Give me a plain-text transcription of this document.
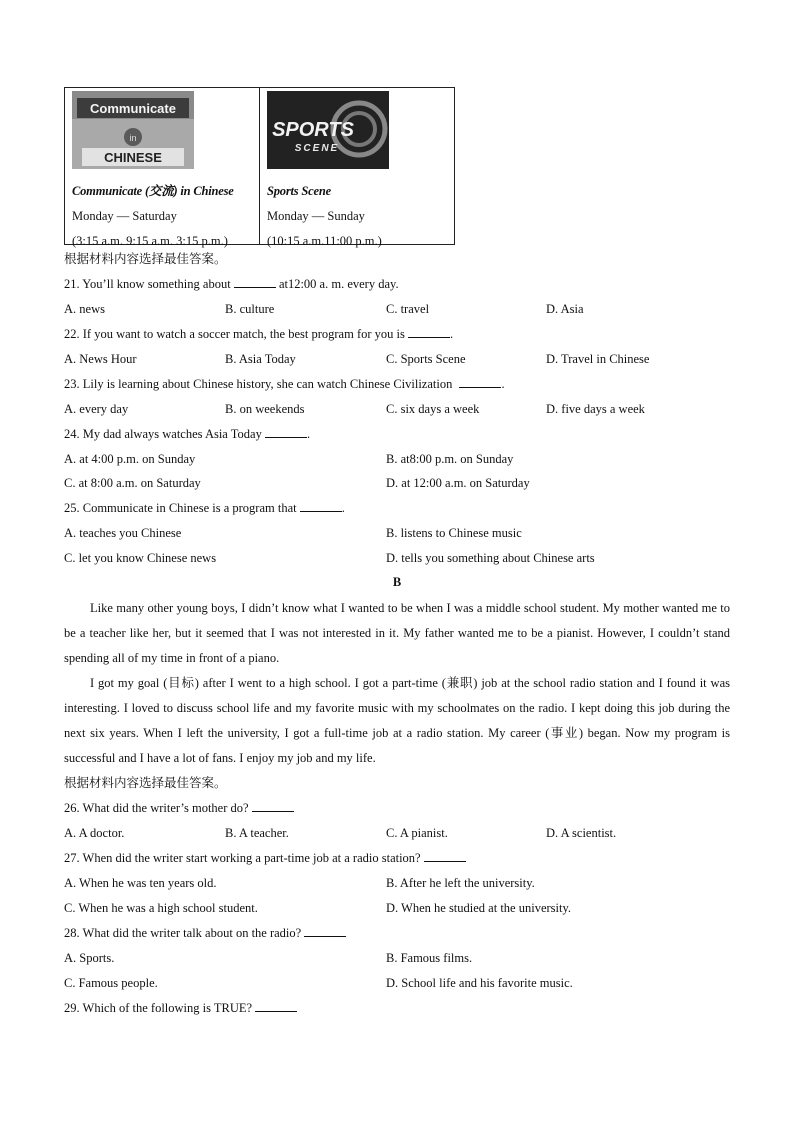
Communicate
in
CHINESE
Communicate (交流) in Chinese
Monday — Saturday
(3:15 a.m. 9:15 a.m. 3:15 p.m.)
SPORTS
SCENE
Sports Scene
Monday — Sunday
(10:15 a.m.11:00 p.m.)
根据材料内容选择最佳答案。
21. You’ll know something about	at12:00 a. m. every day.
A. news	B. culture	C. travel	D. Asia
22. If you want to watch a soccer match, the best program for you is	.
A. News Hour	B. Asia Today	C. Sports Scene	D. Travel in Chinese
23. Lily is learning about Chinese history, she can watch Chinese Civilization	.
A. every day	B. on weekends	C. six days a week	D. five days a week
24. My dad always watches Asia Today	.
A. at 4:00 p.m. on Sunday	B. at8:00 p.m. on Sunday
C. at 8:00 a.m. on Saturday	D. at 12:00 a.m. on Saturday
25. Communicate in Chinese is a program that	.
A. teaches you Chinese	B. listens to Chinese music
C. let you know Chinese news	D. tells you something about Chinese arts
B

Like many other young boys, I didn’t know what I wanted to be when I was a middle school student. My mother wanted me to be a teacher like her, but it seemed that I was not interested in it. My father wanted me to be a pianist. However, I couldn’t stand spending all of my time in front of a piano.

I got my goal (目标) after I went to a high school. I got a part-time (兼职) job at the school radio station and I found it was interesting. I loved to discuss school life and my favorite music with my schoolmates on the radio. I kept doing this job during the next six years. When I left the university, I got a full-time job at a radio station. My career (事业) began. Now my program is successful and I have a lot of fans. I enjoy my job and my life.

根据材料内容选择最佳答案。
26. What did the writer’s mother do?
A. A doctor.	B. A teacher.	C. A pianist.	D. A scientist.
27. When did the writer start working a part-time job at a radio station?
A. When he was ten years old.	B. After he left the university.
C. When he was a high school student.	D. When he studied at the university.
28. What did the writer talk about on the radio?
A. Sports.	B. Famous films.
C. Famous people.	D. School life and his favorite music.
29. Which of the following is TRUE?
